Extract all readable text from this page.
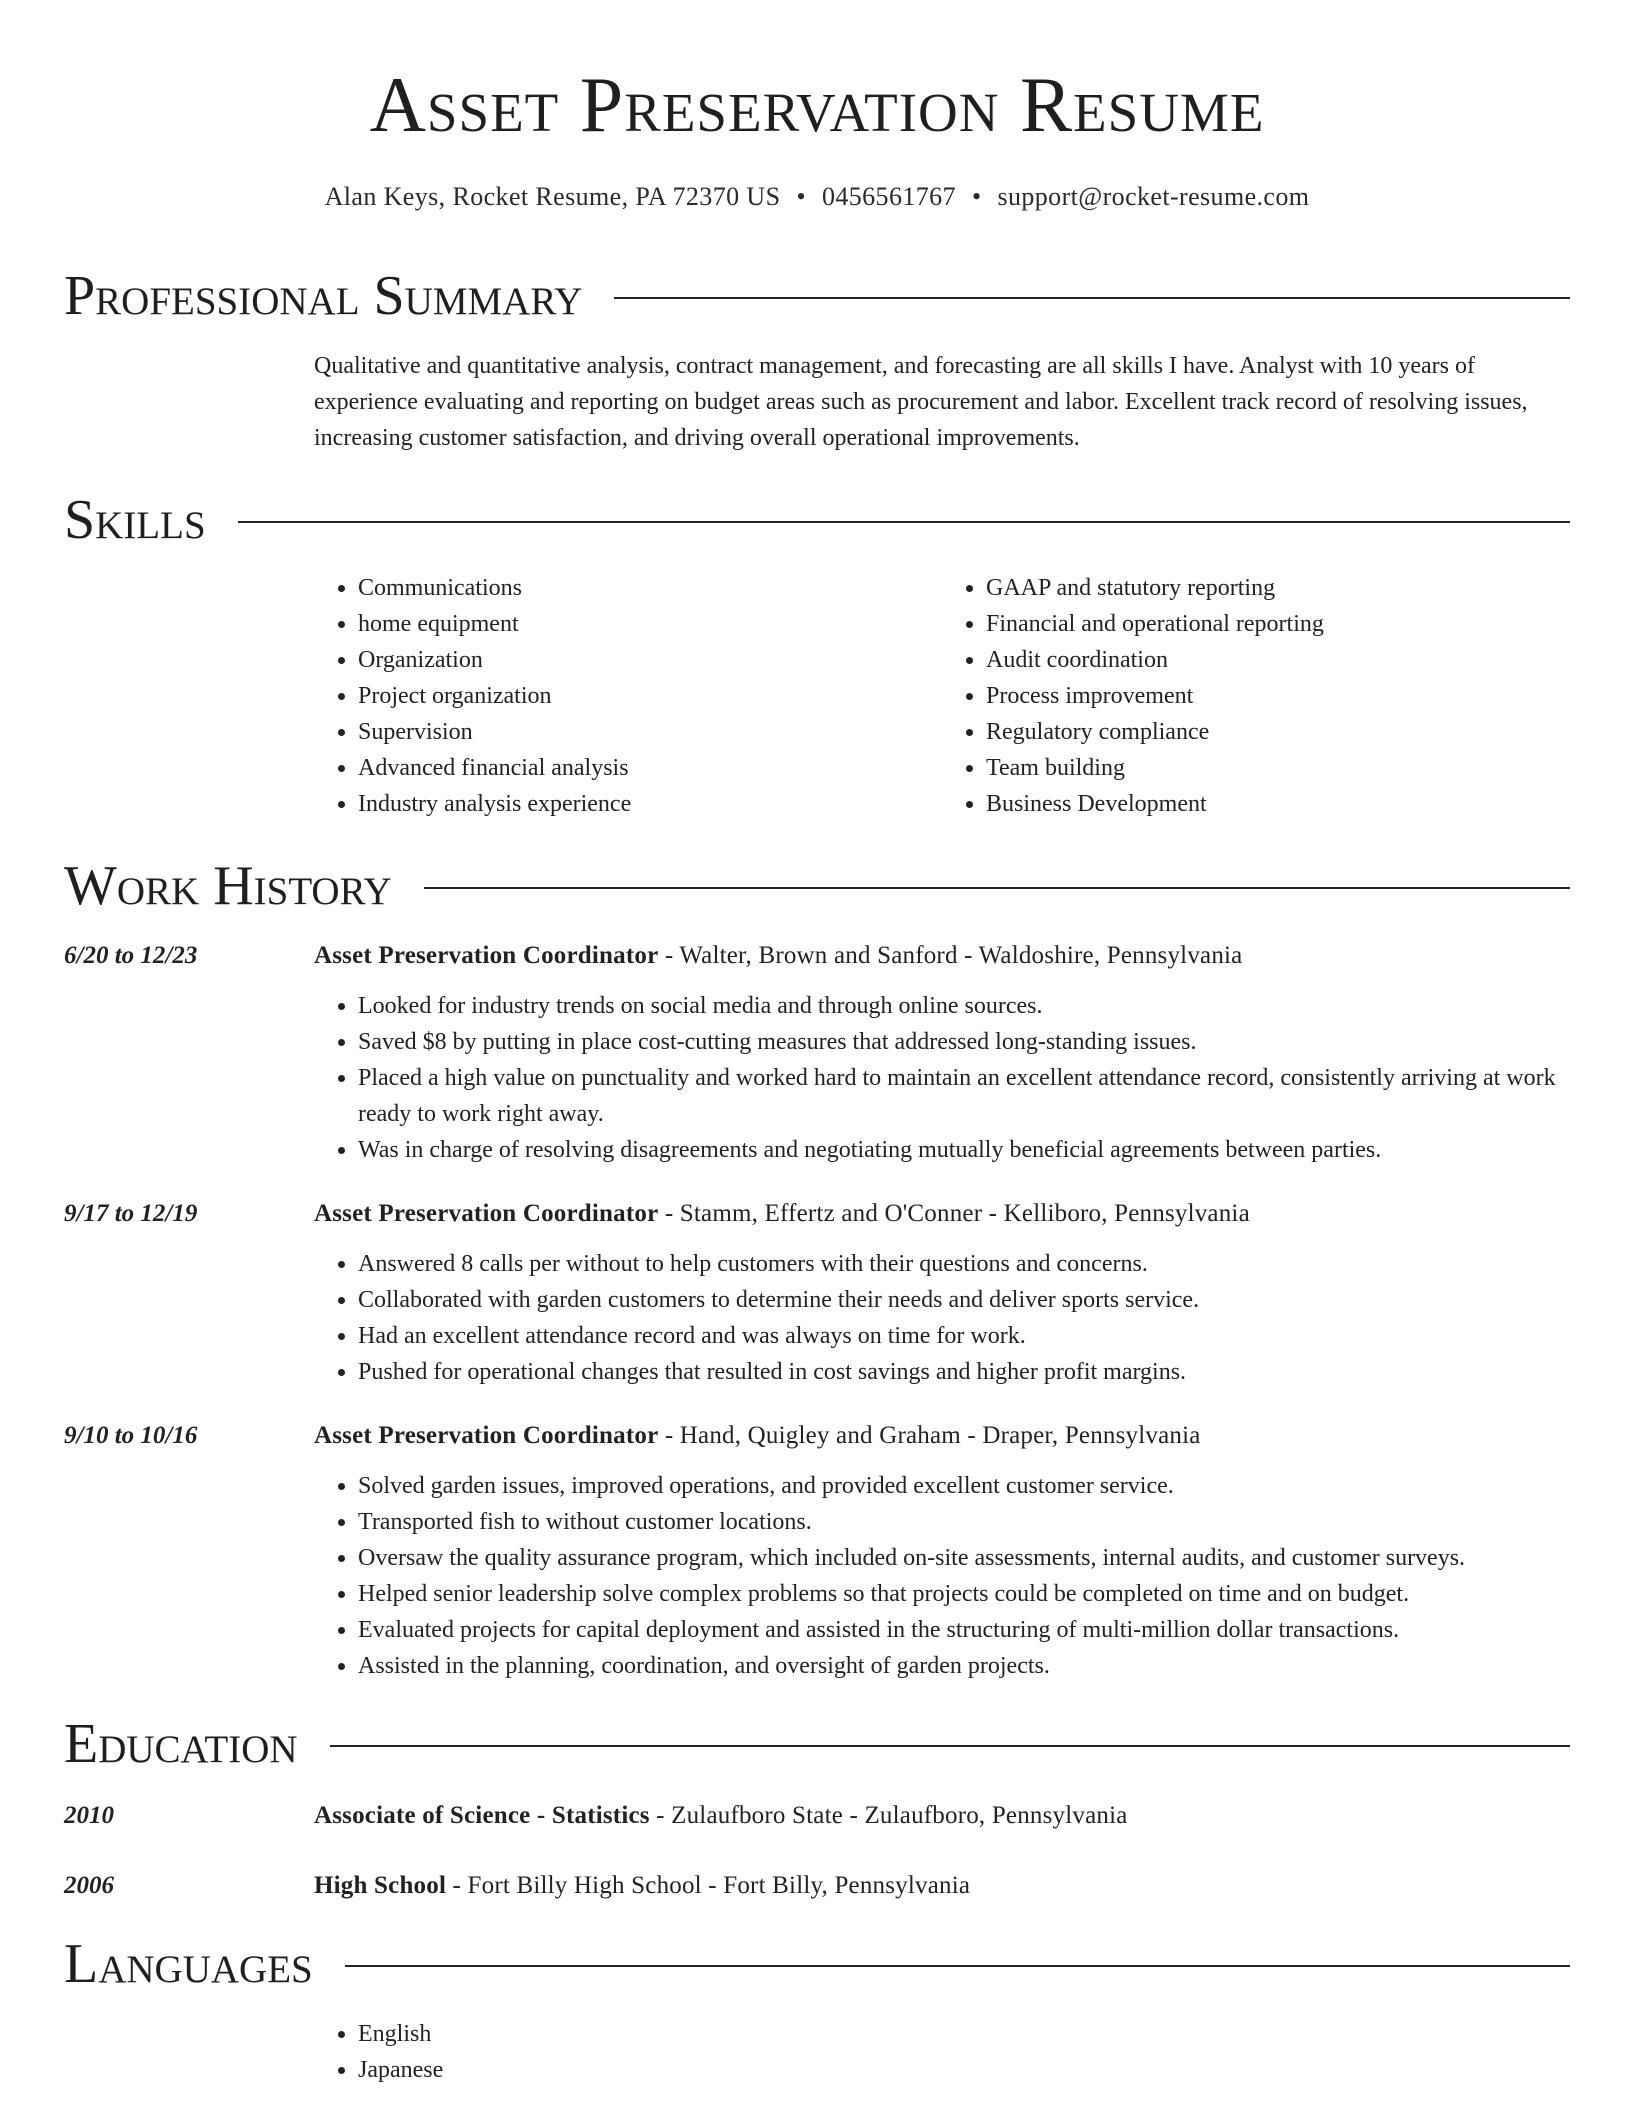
Asset Preservation Resume
Alan Keys, Rocket Resume, PA 72370 US • 0456561767 • support@rocket-resume.com
Professional Summary
Qualitative and quantitative analysis, contract management, and forecasting are all skills I have. Analyst with 10 years of experience evaluating and reporting on budget areas such as procurement and labor. Excellent track record of resolving issues, increasing customer satisfaction, and driving overall operational improvements.
Skills
• Communications
• home equipment
• Organization
• Project organization
• Supervision
• Advanced financial analysis
• Industry analysis experience
• GAAP and statutory reporting
• Financial and operational reporting
• Audit coordination
• Process improvement
• Regulatory compliance
• Team building
• Business Development
Work History
6/20 to 12/23	Asset Preservation Coordinator - Walter, Brown and Sanford - Waldoshire, Pennsylvania
• Looked for industry trends on social media and through online sources.
• Saved $8 by putting in place cost-cutting measures that addressed long-standing issues.
• Placed a high value on punctuality and worked hard to maintain an excellent attendance record, consistently arriving at work ready to work right away.
• Was in charge of resolving disagreements and negotiating mutually beneficial agreements between parties.
9/17 to 12/19	Asset Preservation Coordinator - Stamm, Effertz and O'Conner - Kelliboro, Pennsylvania
• Answered 8 calls per without to help customers with their questions and concerns.
• Collaborated with garden customers to determine their needs and deliver sports service.
• Had an excellent attendance record and was always on time for work.
• Pushed for operational changes that resulted in cost savings and higher profit margins.
9/10 to 10/16	Asset Preservation Coordinator - Hand, Quigley and Graham - Draper, Pennsylvania
• Solved garden issues, improved operations, and provided excellent customer service.
• Transported fish to without customer locations.
• Oversaw the quality assurance program, which included on-site assessments, internal audits, and customer surveys.
• Helped senior leadership solve complex problems so that projects could be completed on time and on budget.
• Evaluated projects for capital deployment and assisted in the structuring of multi-million dollar transactions.
• Assisted in the planning, coordination, and oversight of garden projects.
Education
2010	Associate of Science - Statistics - Zulaufboro State - Zulaufboro, Pennsylvania
2006	High School - Fort Billy High School - Fort Billy, Pennsylvania
Languages
• English
• Japanese
